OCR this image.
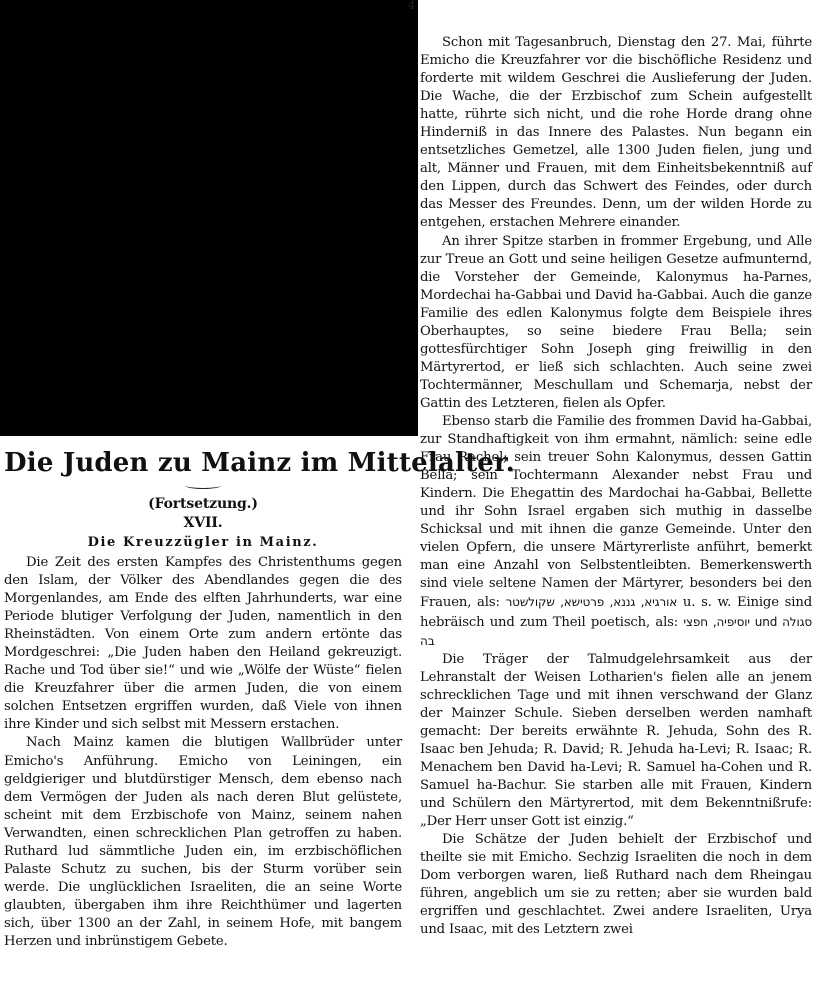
4
Die Juden zu Mainz im Mittelalter.
(Fortsetzung.)
XVII.
Die Kreuzzügler in Mainz.

Die Zeit des ersten Kampfes des Christenthums gegen den Islam, der Völker des Abendlandes gegen die des Morgenlandes, am Ende des elften Jahrhunderts, war eine Periode blutiger Verfolgung der Juden, namentlich in den Rheinstädten. Von einem Orte zum andern ertönte das Mordgeschrei: „Die Juden haben den Heiland gekreuzigt. Rache und Tod über sie!“ und wie „Wölfe der Wüste“ fielen die Kreuzfahrer über die armen Juden, die von einem solchen Entsetzen ergriffen wurden, daß Viele von ihnen ihre Kinder und sich selbst mit Messern erstachen.

Nach Mainz kamen die blutigen Wallbrüder unter Emicho's Anführung. Emicho von Leiningen, ein geldgieriger und blutdürstiger Mensch, dem ebenso nach dem Vermögen der Juden als nach deren Blut gelüstete, scheint mit dem Erzbischofe von Mainz, seinem nahen Verwandten, einen schrecklichen Plan getroffen zu haben. Ruthard lud sämmtliche Juden ein, im erzbischöflichen Palaste Schutz zu suchen, bis der Sturm vorüber sein werde. Die unglücklichen Israeliten, die an seine Worte glaubten, übergaben ihm ihre Reichthümer und lagerten sich, über 1300 an der Zahl, in seinem Hofe, mit bangem Herzen und inbrünstigem Gebete.

Schon mit Tagesanbruch, Dienstag den 27. Mai, führte Emicho die Kreuzfahrer vor die bischöfliche Residenz und forderte mit wildem Geschrei die Auslieferung der Juden. Die Wache, die der Erzbischof zum Schein aufgestellt hatte, rührte sich nicht, und die rohe Horde drang ohne Hinderniß in das Innere des Palastes. Nun begann ein entsetzliches Gemetzel, alle 1300 Juden fielen, jung und alt, Männer und Frauen, mit dem Einheitsbekenntniß auf den Lippen, durch das Schwert des Feindes, oder durch das Messer des Freundes. Denn, um der wilden Horde zu entgehen, erstachen Mehrere einander.

An ihrer Spitze starben in frommer Ergebung, und Alle zur Treue an Gott und seine heiligen Gesetze aufmunternd, die Vorsteher der Gemeinde, Kalonymus ha-Parnes, Mordechai ha-Gabbai und David ha-Gabbai. Auch die ganze Familie des edlen Kalonymus folgte dem Beispiele ihres Oberhauptes, so seine biedere Frau Bella; sein gottesfürchtiger Sohn Joseph ging freiwillig in den Märtyrertod, er ließ sich schlachten. Auch seine zwei Tochtermänner, Meschullam und Schemarja, nebst der Gattin des Letzteren, fielen als Opfer.

Ebenso starb die Familie des frommen David ha-Gabbai, zur Standhaftigkeit von ihm ermahnt, nämlich: seine edle Frau Rachel; sein treuer Sohn Kalonymus, dessen Gattin Bella; sein Tochtermann Alexander nebst Frau und Kindern. Die Ehegattin des Mardochai ha-Gabbai, Bellette und ihr Sohn Israel ergaben sich muthig in dasselbe Schicksal und mit ihnen die ganze Gemeinde. Unter den vielen Opfern, die unsere Märtyrerliste anführt, bemerkt man eine Anzahl von Selbstentleibten. Bemerkenswerth sind viele seltene Namen der Märtyrer, besonders bei den Frauen, als: אורגיא, גננא, פרטישא, שקולשטר u. s. w. Einige sind hebräisch und zum Theil poetisch, als: סגולה und יוסיפיה, חפצי בה

Die Träger der Talmudgelehrsamkeit aus der Lehranstalt der Weisen Lotharien's fielen alle an jenem schrecklichen Tage und mit ihnen verschwand der Glanz der Mainzer Schule. Sieben derselben werden namhaft gemacht: Der bereits erwähnte R. Jehuda, Sohn des R. Isaac ben Jehuda; R. David; R. Jehuda ha-Levi; R. Isaac; R. Menachem ben David ha-Levi; R. Samuel ha-Cohen und R. Samuel ha-Bachur. Sie starben alle mit Frauen, Kindern und Schülern den Märtyrertod, mit dem Bekenntnißrufe: „Der Herr unser Gott ist einzig.“

Die Schätze der Juden behielt der Erzbischof und theilte sie mit Emicho. Sechzig Israeliten die noch in dem Dom verborgen waren, ließ Ruthard nach dem Rheingau führen, angeblich um sie zu retten; aber sie wurden bald ergriffen und geschlachtet. Zwei andere Israeliten, Urya und Isaac, mit des Letztern zwei
